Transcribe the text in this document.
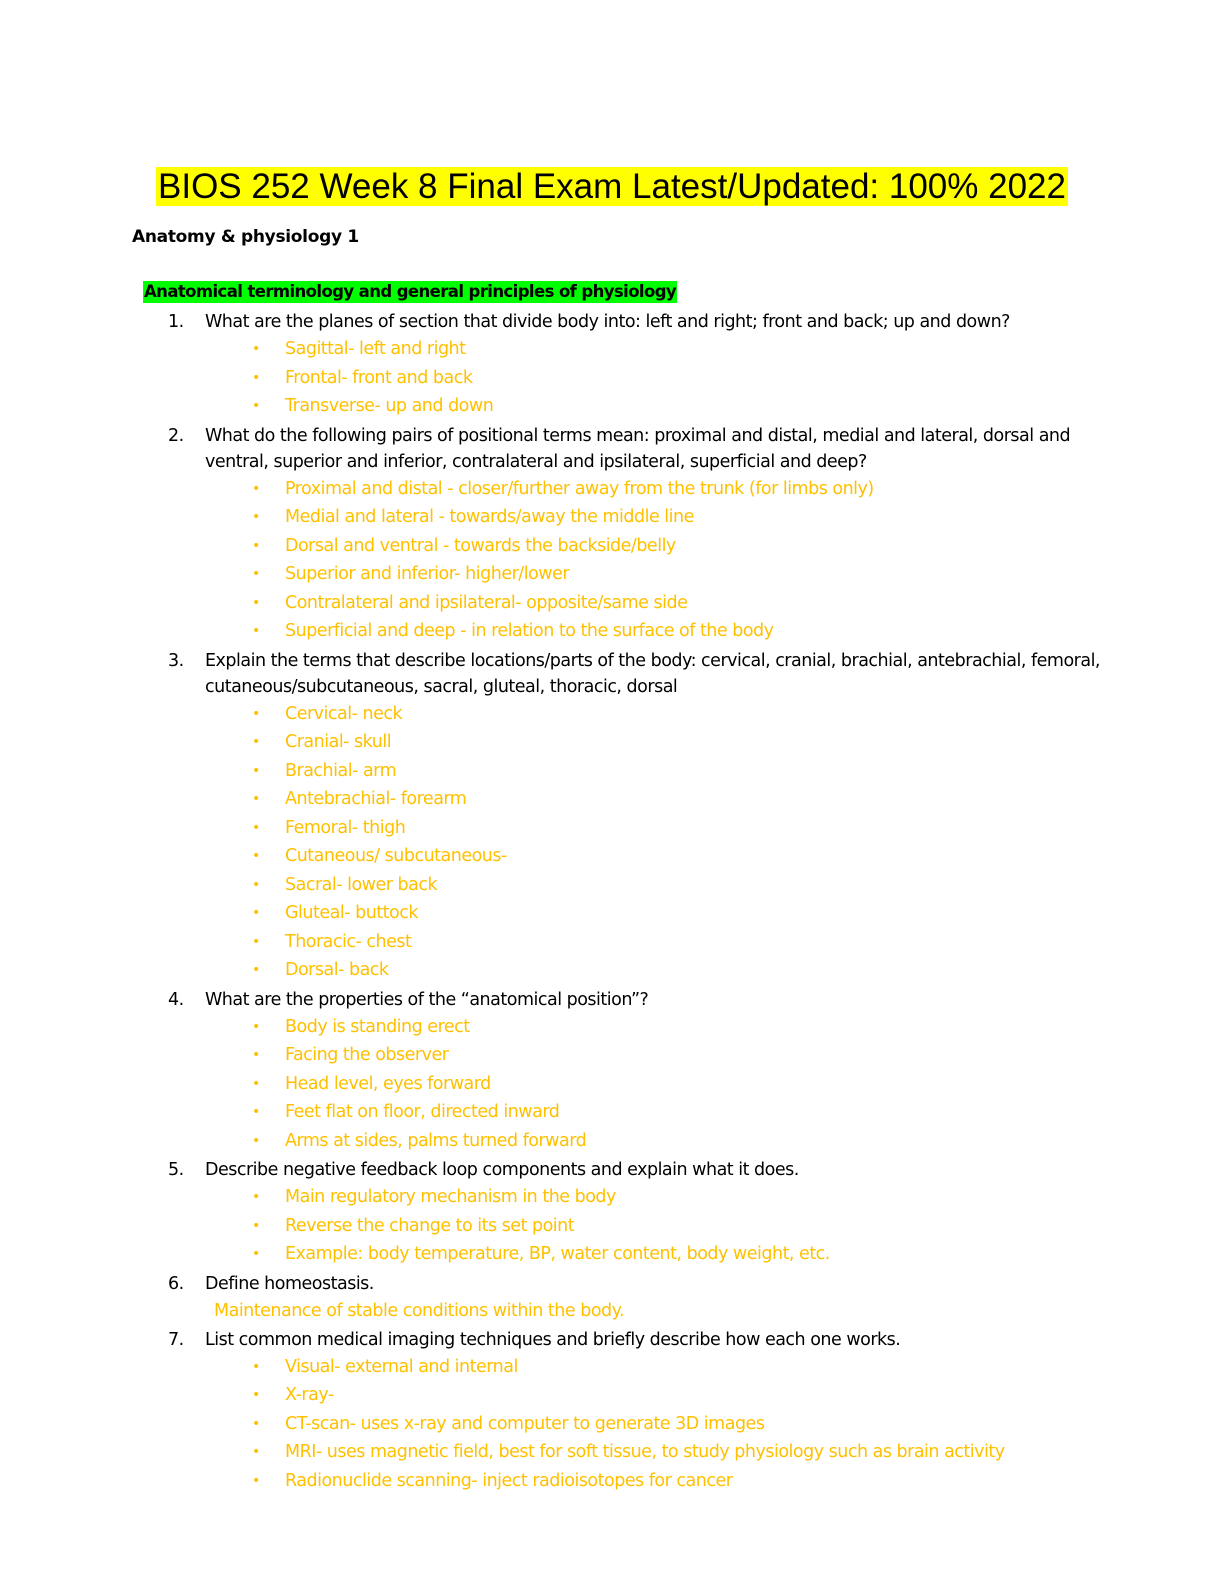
BIOS 252 Week 8 Final Exam Latest/Updated: 100% 2022
Anatomy & physiology 1
Anatomical terminology and general principles of physiology
1. What are the planes of section that divide body into: left and right; front and back; up and down?
• Sagittal- left and right
• Frontal- front and back
• Transverse- up and down
2. What do the following pairs of positional terms mean: proximal and distal, medial and lateral, dorsal and ventral, superior and inferior, contralateral and ipsilateral, superficial and deep?
• Proximal and distal - closer/further away from the trunk (for limbs only)
• Medial and lateral - towards/away the middle line
• Dorsal and ventral - towards the backside/belly
• Superior and inferior- higher/lower
• Contralateral and ipsilateral- opposite/same side
• Superficial and deep - in relation to the surface of the body
3. Explain the terms that describe locations/parts of the body: cervical, cranial, brachial, antebrachial, femoral, cutaneous/subcutaneous, sacral, gluteal, thoracic, dorsal
• Cervical- neck
• Cranial- skull
• Brachial- arm
• Antebrachial- forearm
• Femoral- thigh
• Cutaneous/ subcutaneous-
• Sacral- lower back
• Gluteal- buttock
• Thoracic- chest
• Dorsal- back
4. What are the properties of the “anatomical position”?
• Body is standing erect
• Facing the observer
• Head level, eyes forward
• Feet flat on floor, directed inward
• Arms at sides, palms turned forward
5. Describe negative feedback loop components and explain what it does.
• Main regulatory mechanism in the body
• Reverse the change to its set point
• Example: body temperature, BP, water content, body weight, etc.
6. Define homeostasis.
Maintenance of stable conditions within the body.
7. List common medical imaging techniques and briefly describe how each one works.
• Visual- external and internal
• X-ray-
• CT-scan- uses x-ray and computer to generate 3D images
• MRI- uses magnetic field, best for soft tissue, to study physiology such as brain activity
• Radionuclide scanning- inject radioisotopes for cancer
